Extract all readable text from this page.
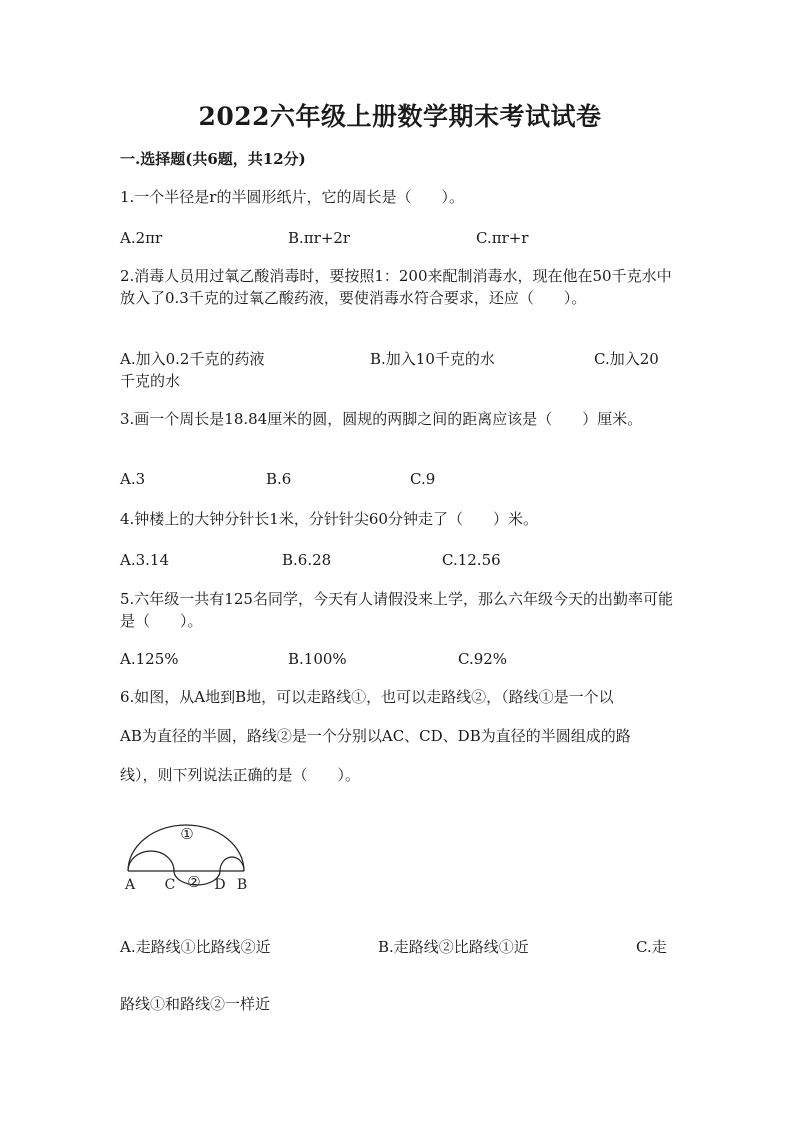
2022六年级上册数学期末考试试卷
一.选择题(共6题，共12分)
1.一个半径是r的半圆形纸片，它的周长是（　　）。
A.2πr	B.πr+2r	C.πr+r
2.消毒人员用过氧乙酸消毒时，要按照1：200来配制消毒水，现在他在50千克水中放入了0.3千克的过氧乙酸药液，要使消毒水符合要求，还应（　　）。
A.加入0.2千克的药液	B.加入10千克的水	C.加入20
千克的水
3.画一个周长是18.84厘米的圆，圆规的两脚之间的距离应该是（　　）厘米。
A.3	B.6	C.9
4.钟楼上的大钟分针长1米，分针针尖60分钟走了（　　）米。
A.3.14	B.6.28	C.12.56
5.六年级一共有125名同学，今天有人请假没来上学，那么六年级今天的出勤率可能是（　　）。
A.125%	B.100%	C.92%
6.如图，从A地到B地，可以走路线①，也可以走路线②，（路线①是一个以
AB为直径的半圆，路线②是一个分别以AC、CD、DB为直径的半圆组成的路
线），则下列说法正确的是（　　）。
①
②
A C	D B
A.走路线①比路线②近	B.走路线②比路线①近	C.走
路线①和路线②一样近
